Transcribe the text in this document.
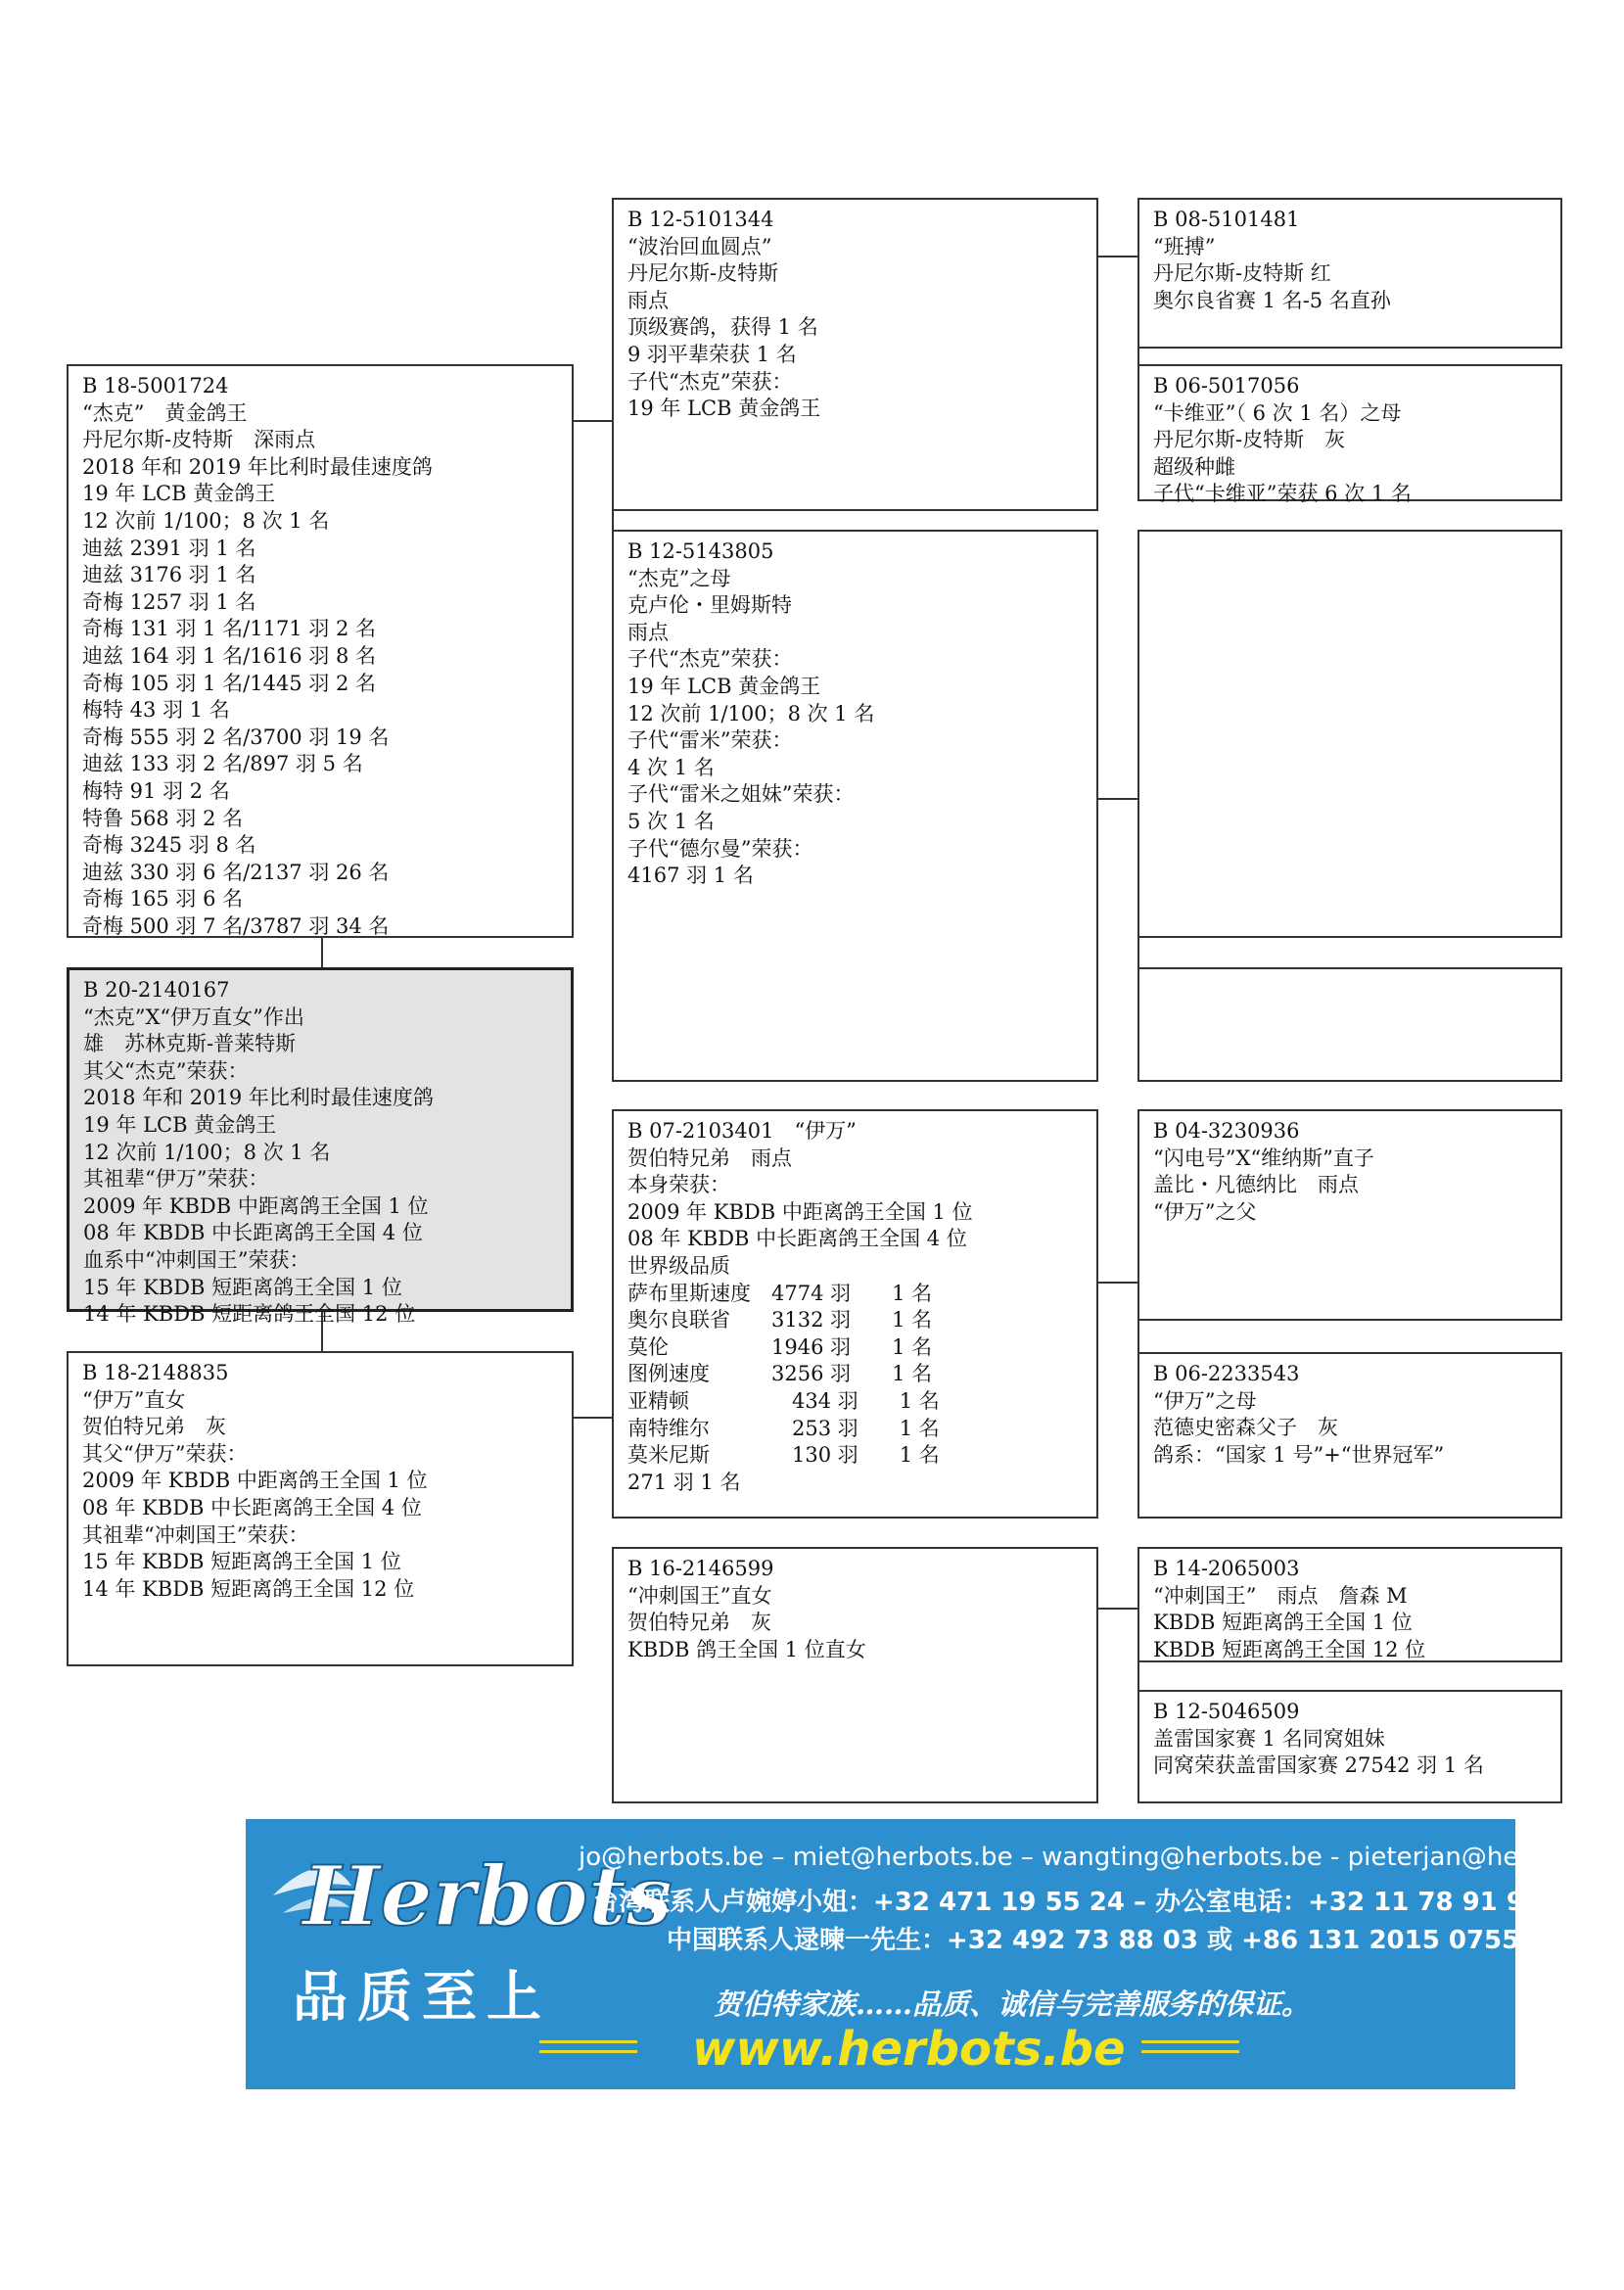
B 18-5001724
“杰克”　黄金鸽王
丹尼尔斯-皮特斯　深雨点
2018 年和 2019 年比利时最佳速度鸽
19 年 LCB 黄金鸽王
12 次前 1/100；8 次 1 名
迪兹 2391 羽 1 名
迪兹 3176 羽 1 名
奇梅 1257 羽 1 名
奇梅 131 羽 1 名/1171 羽 2 名
迪兹 164 羽 1 名/1616 羽 8 名
奇梅 105 羽 1 名/1445 羽 2 名
梅特 43 羽 1 名
奇梅 555 羽 2 名/3700 羽 19 名
迪兹 133 羽 2 名/897 羽 5 名
梅特 91 羽 2 名
特鲁 568 羽 2 名
奇梅 3245 羽 8 名
迪兹 330 羽 6 名/2137 羽 26 名
奇梅 165 羽 6 名
奇梅 500 羽 7 名/3787 羽 34 名
B 20-2140167
“杰克”X“伊万直女”作出
雄　苏林克斯-普莱特斯
其父“杰克”荣获：
2018 年和 2019 年比利时最佳速度鸽
19 年 LCB 黄金鸽王
12 次前 1/100；8 次 1 名
其祖辈“伊万”荣获：
2009 年 KBDB 中距离鸽王全国 1 位
08 年 KBDB 中长距离鸽王全国 4 位
血系中“冲刺国王”荣获：
15 年 KBDB 短距离鸽王全国 1 位
14 年 KBDB 短距离鸽王全国 12 位
B 18-2148835
“伊万”直女
贺伯特兄弟　灰
其父“伊万”荣获：
2009 年 KBDB 中距离鸽王全国 1 位
08 年 KBDB 中长距离鸽王全国 4 位
其祖辈“冲刺国王”荣获：
15 年 KBDB 短距离鸽王全国 1 位
14 年 KBDB 短距离鸽王全国 12 位
B 12-5101344
“波治回血圆点”
丹尼尔斯-皮特斯
雨点
顶级赛鸽，获得 1 名
9 羽平辈荣获 1 名
子代“杰克”荣获：
19 年 LCB 黄金鸽王
B 12-5143805
“杰克”之母
克卢伦・里姆斯特
雨点
子代“杰克”荣获：
19 年 LCB 黄金鸽王
12 次前 1/100；8 次 1 名
子代“雷米”荣获：
4 次 1 名
子代“雷米之姐妹”荣获：
5 次 1 名
子代“德尔曼”荣获：
4167 羽 1 名
B 07-2103401　“伊万”
贺伯特兄弟　雨点
本身荣获：
2009 年 KBDB 中距离鸽王全国 1 位
08 年 KBDB 中长距离鸽王全国 4 位
世界级品质
萨布里斯速度　4774 羽　　1 名
奥尔良联省　　3132 羽　　1 名
莫伦　　　　　1946 羽　　1 名
图例速度　　　3256 羽　　1 名
亚精顿　　　　　434 羽　　1 名
南特维尔　　　　253 羽　　1 名
莫米尼斯　　　　130 羽　　1 名
271 羽 1 名
B 16-2146599
“冲刺国王”直女
贺伯特兄弟　灰
KBDB 鸽王全国 1 位直女
B 08-5101481
“班搏”
丹尼尔斯-皮特斯 红
奥尔良省赛 1 名-5 名直孙
B 06-5017056
“卡维亚”（ 6 次 1 名）之母
丹尼尔斯-皮特斯　灰
超级种雌
子代“卡维亚”荣获 6 次 1 名
B 04-3230936
“闪电号”X“维纳斯”直子
盖比・凡德纳比　雨点
“伊万”之父
B 06-2233543
“伊万”之母
范德史密森父子　灰
鸽系：“国家 1 号”+“世界冠军”
B 14-2065003
“冲刺国王”　雨点　詹森 M
KBDB 短距离鸽王全国 1 位
KBDB 短距离鸽王全国 12 位
B 12-5046509
盖雷国家赛 1 名同窝姐妹
同窝荣获盖雷国家赛 27542 羽 1 名
Herbots
品质至上
jo@herbots.be – miet@herbots.be – wangting@herbots.be - pieterjan@herbots.be
台湾联系人卢婉婷小姐：+32 471 19 55 24 – 办公室电话：+32 11 78 91 90
中国联系人逯暕一先生：+32 492 73 88 03 或 +86 131 2015 0755
贺伯特家族……品质、诚信与完善服务的保证。
www.herbots.be
